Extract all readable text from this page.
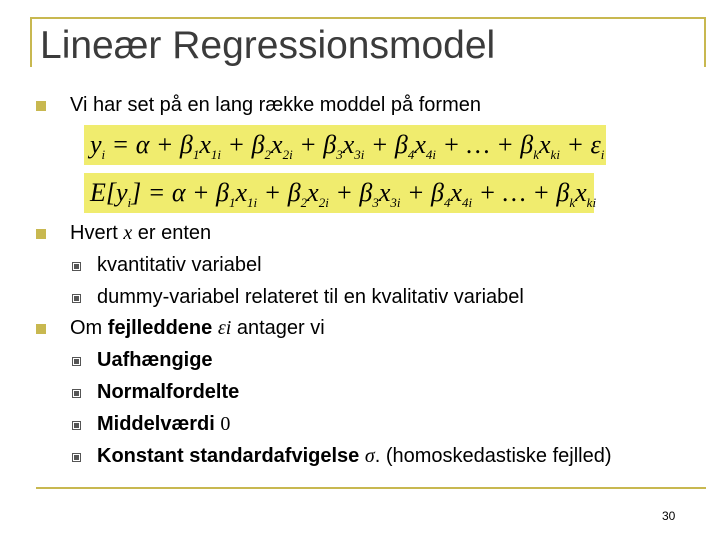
Lineær Regressionsmodel
Vi har set på en lang række moddel på formen
$y_i = \alpha + \beta_1x_{1i} + \beta_2x_{2i} + \beta_3x_{3i} + \beta_4x_{4i}$ + … + $\beta_kx_{ki} + \varepsilon_i$
$E[y_i] = \alpha + \beta_1x_{1i} + \beta_2x_{2i} + \beta_3x_{3i} + \beta_4x_{4i}$ + … + $\beta_kx_{ki}$
Hvert x er enten
kvantitativ variabel
dummy-variabel relateret til en kvalitativ variabel
Om fejlleddene εi antager vi
Uafhængige
Normalfordelte
Middelværdi 0
Konstant standardafvigelse σ. (homoskedastiske fejlled)
30
